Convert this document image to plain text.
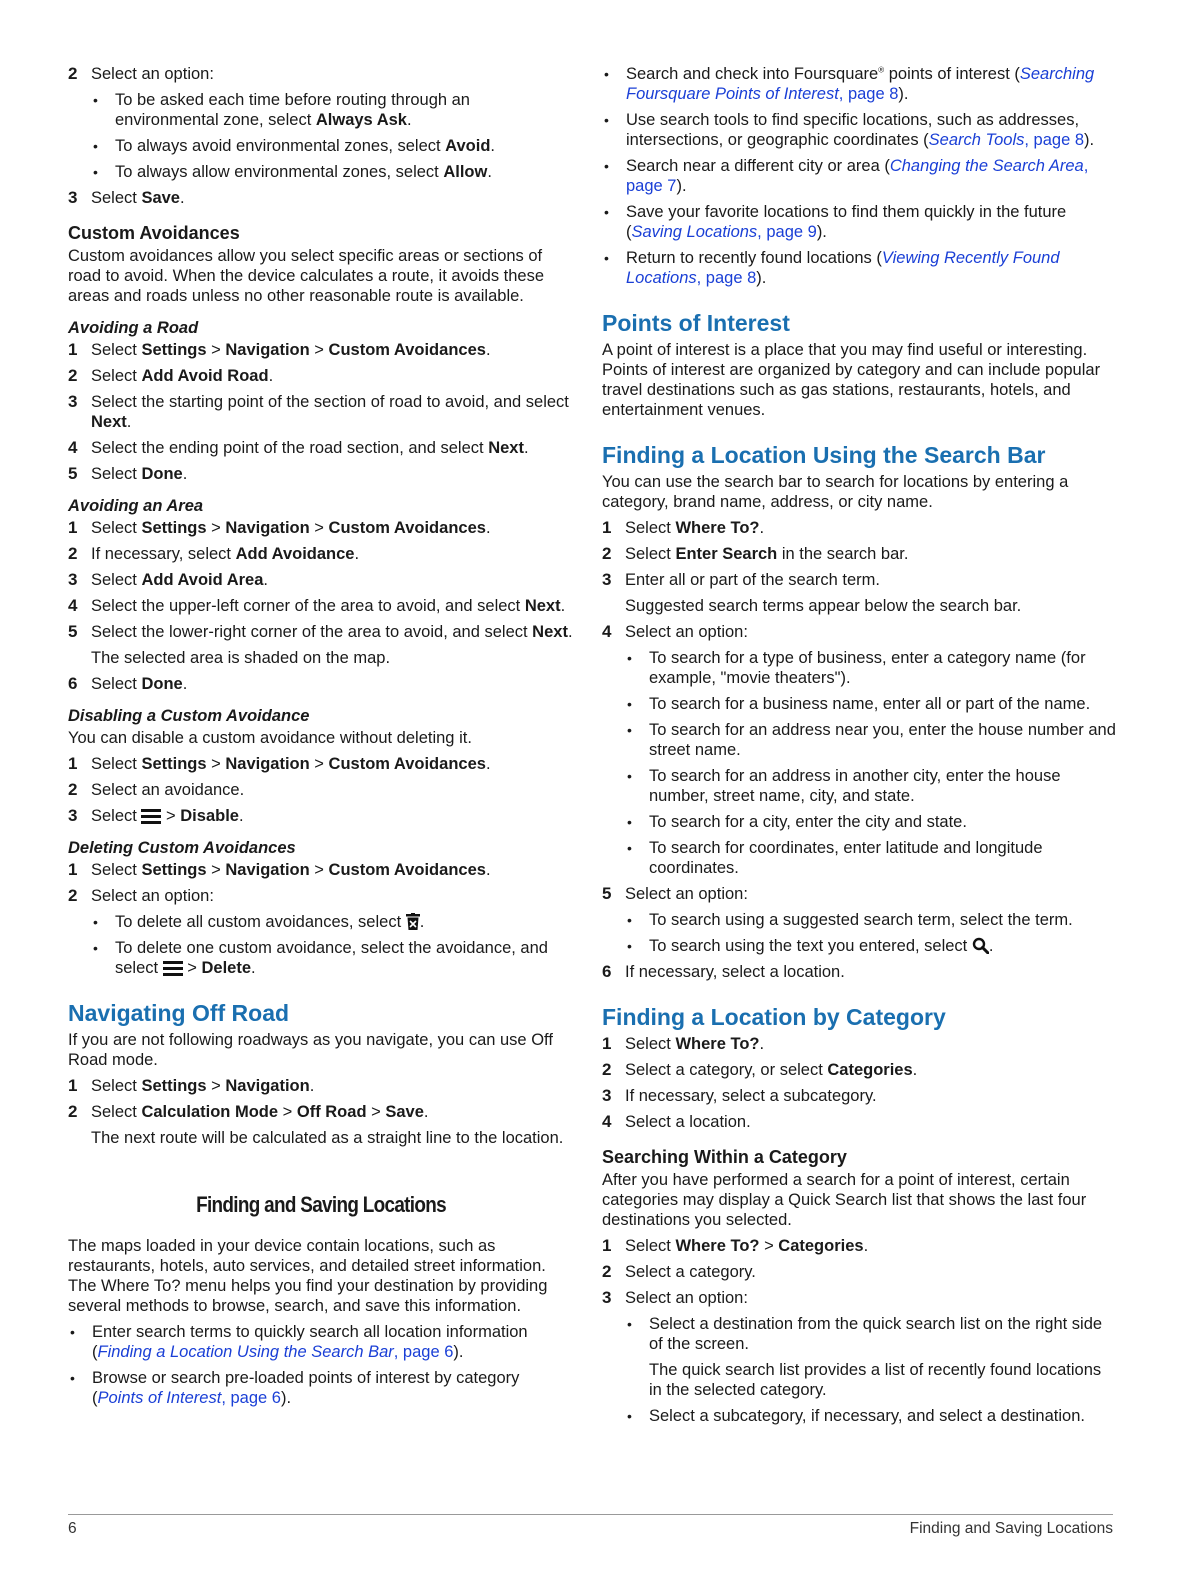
2 Select an option:
• To be asked each time before routing through an environmental zone, select Always Ask.
• To always avoid environmental zones, select Avoid.
• To always allow environmental zones, select Allow.
3 Select Save.
Custom Avoidances

Custom avoidances allow you select specific areas or sections of road to avoid. When the device calculates a route, it avoids these areas and roads unless no other reasonable route is available.

Avoiding a Road
1 Select Settings > Navigation > Custom Avoidances.
2 Select Add Avoid Road.
3 Select the starting point of the section of road to avoid, and select Next.
4 Select the ending point of the road section, and select Next.
5 Select Done.
Avoiding an Area
1 Select Settings > Navigation > Custom Avoidances.
2 If necessary, select Add Avoidance.
3 Select Add Avoid Area.
4 Select the upper-left corner of the area to avoid, and select Next.
5 Select the lower-right corner of the area to avoid, and select Next.

The selected area is shaded on the map.

6 Select Done.
Disabling a Custom Avoidance

You can disable a custom avoidance without deleting it.

1 Select Settings > Navigation > Custom Avoidances.
2 Select an avoidance.
3 Select  > Disable.
Deleting Custom Avoidances
1 Select Settings > Navigation > Custom Avoidances.
2 Select an option:
• To delete all custom avoidances, select .
• To delete one custom avoidance, select the avoidance, and select  > Delete.
Navigating Off Road

If you are not following roadways as you navigate, you can use Off Road mode.

1 Select Settings > Navigation.
2 Select Calculation Mode > Off Road > Save.

The next route will be calculated as a straight line to the location.

Finding and Saving Locations

The maps loaded in your device contain locations, such as restaurants, hotels, auto services, and detailed street information. The Where To? menu helps you find your destination by providing several methods to browse, search, and save this information.

• Enter search terms to quickly search all location information (Finding a Location Using the Search Bar, page 6).
• Browse or search pre-loaded points of interest by category (Points of Interest, page 6).
• Search and check into Foursquare® points of interest (Searching Foursquare Points of Interest, page 8).
• Use search tools to find specific locations, such as addresses, intersections, or geographic coordinates (Search Tools, page 8).
• Search near a different city or area (Changing the Search Area, page 7).
• Save your favorite locations to find them quickly in the future (Saving Locations, page 9).
• Return to recently found locations (Viewing Recently Found Locations, page 8).
Points of Interest

A point of interest is a place that you may find useful or interesting. Points of interest are organized by category and can include popular travel destinations such as gas stations, restaurants, hotels, and entertainment venues.

Finding a Location Using the Search Bar

You can use the search bar to search for locations by entering a category, brand name, address, or city name.

1 Select Where To?.
2 Select Enter Search in the search bar.
3 Enter all or part of the search term.

Suggested search terms appear below the search bar.

4 Select an option:
• To search for a type of business, enter a category name (for example, "movie theaters").
• To search for a business name, enter all or part of the name.
• To search for an address near you, enter the house number and street name.
• To search for an address in another city, enter the house number, street name, city, and state.
• To search for a city, enter the city and state.
• To search for coordinates, enter latitude and longitude coordinates.
5 Select an option:
• To search using a suggested search term, select the term.
• To search using the text you entered, select .
6 If necessary, select a location.
Finding a Location by Category
1 Select Where To?.
2 Select a category, or select Categories.
3 If necessary, select a subcategory.
4 Select a location.
Searching Within a Category

After you have performed a search for a point of interest, certain categories may display a Quick Search list that shows the last four destinations you selected.

1 Select Where To? > Categories.
2 Select a category.
3 Select an option:
• Select a destination from the quick search list on the right side of the screen.
The quick search list provides a list of recently found locations in the selected category.
• Select a subcategory, if necessary, and select a destination.
6	Finding and Saving Locations
